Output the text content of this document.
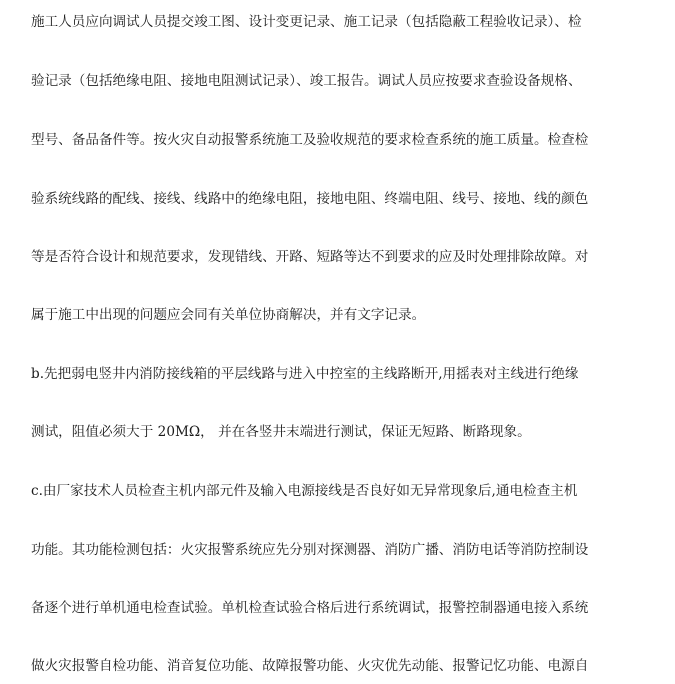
施工人员应向调试人员提交竣工图、设计变更记录、施工记录（包括隐蔽工程验收记录）、检
验记录（包括绝缘电阻、接地电阻测试记录）、竣工报告。调试人员应按要求查验设备规格、
型号、备品备件等。按火灾自动报警系统施工及验收规范的要求检查系统的施工质量。检查检
验系统线路的配线、接线、线路中的绝缘电阻，接地电阻、终端电阻、线号、接地、线的颜色
等是否符合设计和规范要求，发现错线、开路、短路等达不到要求的应及时处理排除故障。对
属于施工中出现的问题应会同有关单位协商解决，并有文字记录。
b.先把弱电竖井内消防接线箱的平层线路与进入中控室的主线路断开,用摇表对主线进行绝缘
测试，阻值必须大于 20MΩ， 并在各竖井末端进行测试，保证无短路、断路现象。
c.由厂家技术人员检查主机内部元件及输入电源接线是否良好如无异常现象后,通电检查主机
功能。其功能检测包括：火灾报警系统应先分别对探测器、消防广播、消防电话等消防控制设
备逐个进行单机通电检查试验。单机检查试验合格后进行系统调试，报警控制器通电接入系统
做火灾报警自检功能、消音复位功能、故障报警功能、火灾优先动能、报警记忆功能、电源自
